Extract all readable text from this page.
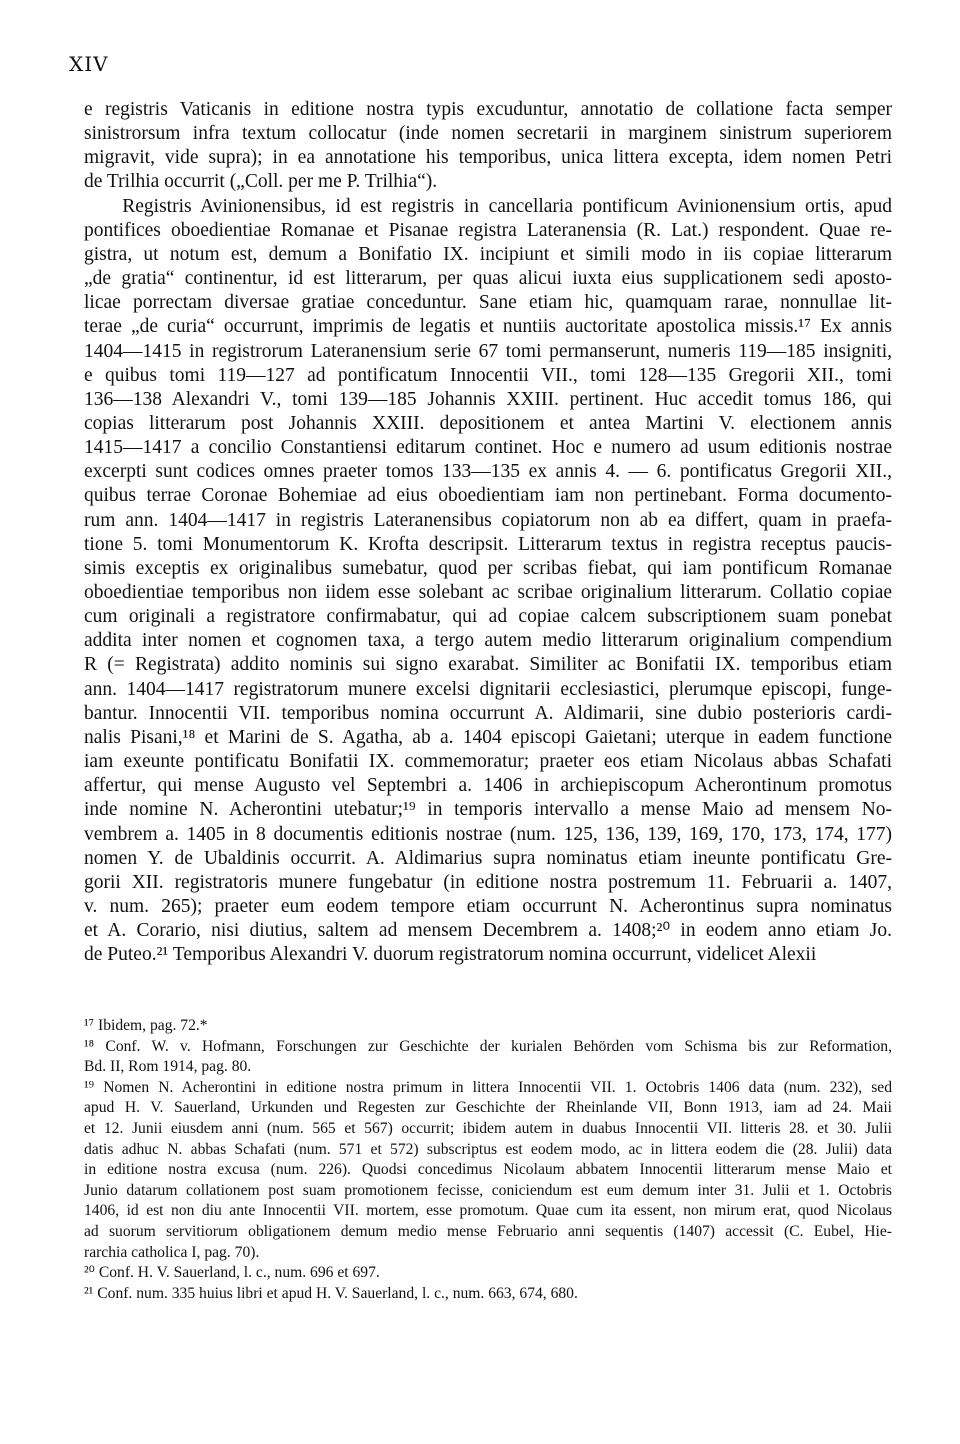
XIV
e registris Vaticanis in editione nostra typis excuduntur, annotatio de collatione facta semper
sinistrorsum infra textum collocatur (inde nomen secretarii in marginem sinistrum superiorem
migravit, vide supra); in ea annotatione his temporibus, unica littera excepta, idem nomen Petri
de Trilhia occurrit („Coll. per me P. Trilhia“).
Registris Avinionensibus, id est registris in cancellaria pontificum Avinionensium ortis, apud
pontifices oboedientiae Romanae et Pisanae registra Lateranensia (R. Lat.) respondent. Quae re-
gistra, ut notum est, demum a Bonifatio IX. incipiunt et simili modo in iis copiae litterarum
„de gratia“ continentur, id est litterarum, per quas alicui iuxta eius supplicationem sedi aposto-
licae porrectam diversae gratiae conceduntur. Sane etiam hic, quamquam rarae, nonnullae lit-
terae „de curia“ occurrunt, imprimis de legatis et nuntiis auctoritate apostolica missis.¹⁷ Ex annis
1404—1415 in registrorum Lateranensium serie 67 tomi permanserunt, numeris 119—185 insigniti,
e quibus tomi 119—127 ad pontificatum Innocentii VII., tomi 128—135 Gregorii XII., tomi
136—138 Alexandri V., tomi 139—185 Johannis XXIII. pertinent. Huc accedit tomus 186, qui
copias litterarum post Johannis XXIII. depositionem et antea Martini V. electionem annis
1415—1417 a concilio Constantiensi editarum continet. Hoc e numero ad usum editionis nostrae
excerpti sunt codices omnes praeter tomos 133—135 ex annis 4. — 6. pontificatus Gregorii XII.,
quibus terrae Coronae Bohemiae ad eius oboedientiam iam non pertinebant. Forma documento-
rum ann. 1404—1417 in registris Lateranensibus copiatorum non ab ea differt, quam in praefa-
tione 5. tomi Monumentorum K. Krofta descripsit. Litterarum textus in registra receptus paucis-
simis exceptis ex originalibus sumebatur, quod per scribas fiebat, qui iam pontificum Romanae
oboedientiae temporibus non iidem esse solebant ac scribae originalium litterarum. Collatio copiae
cum originali a registratore confirmabatur, qui ad copiae calcem subscriptionem suam ponebat
addita inter nomen et cognomen taxa, a tergo autem medio litterarum originalium compendium
R (= Registrata) addito nominis sui signo exarabat. Similiter ac Bonifatii IX. temporibus etiam
ann. 1404—1417 registratorum munere excelsi dignitarii ecclesiastici, plerumque episcopi, funge-
bantur. Innocentii VII. temporibus nomina occurrunt A. Aldimarii, sine dubio posterioris cardi-
nalis Pisani,¹⁸ et Marini de S. Agatha, ab a. 1404 episcopi Gaietani; uterque in eadem functione
iam exeunte pontificatu Bonifatii IX. commemoratur; praeter eos etiam Nicolaus abbas Schafati
affertur, qui mense Augusto vel Septembri a. 1406 in archiepiscopum Acherontinum promotus
inde nomine N. Acherontini utebatur;¹⁹ in temporis intervallo a mense Maio ad mensem No-
vembrem a. 1405 in 8 documentis editionis nostrae (num. 125, 136, 139, 169, 170, 173, 174, 177)
nomen Y. de Ubaldinis occurrit. A. Aldimarius supra nominatus etiam ineunte pontificatu Gre-
gorii XII. registratoris munere fungebatur (in editione nostra postremum 11. Februarii a. 1407,
v. num. 265); praeter eum eodem tempore etiam occurrunt N. Acherontinus supra nominatus
et A. Corario, nisi diutius, saltem ad mensem Decembrem a. 1408;²⁰ in eodem anno etiam Jo.
de Puteo.²¹ Temporibus Alexandri V. duorum registratorum nomina occurrunt, videlicet Alexii
¹⁷ Ibidem, pag. 72.*
¹⁸ Conf. W. v. Hofmann, Forschungen zur Geschichte der kurialen Behörden vom Schisma bis zur Reformation,
Bd. II, Rom 1914, pag. 80.
¹⁹ Nomen N. Acherontini in editione nostra primum in littera Innocentii VII. 1. Octobris 1406 data (num. 232), sed
apud H. V. Sauerland, Urkunden und Regesten zur Geschichte der Rheinlande VII, Bonn 1913, iam ad 24. Maii
et 12. Junii eiusdem anni (num. 565 et 567) occurrit; ibidem autem in duabus Innocentii VII. litteris 28. et 30. Julii
datis adhuc N. abbas Schafati (num. 571 et 572) subscriptus est eodem modo, ac in littera eodem die (28. Julii) data
in editione nostra excusa (num. 226). Quodsi concedimus Nicolaum abbatem Innocentii litterarum mense Maio et
Junio datarum collationem post suam promotionem fecisse, coniciendum est eum demum inter 31. Julii et 1. Octobris
1406, id est non diu ante Innocentii VII. mortem, esse promotum. Quae cum ita essent, non mirum erat, quod Nicolaus
ad suorum servitiorum obligationem demum medio mense Februario anni sequentis (1407) accessit (C. Eubel, Hie-
rarchia catholica I, pag. 70).
²⁰ Conf. H. V. Sauerland, l. c., num. 696 et 697.
²¹ Conf. num. 335 huius libri et apud H. V. Sauerland, l. c., num. 663, 674, 680.
